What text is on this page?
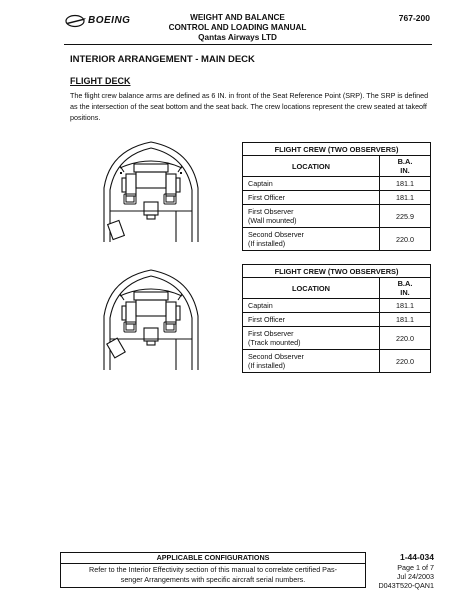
BOEING	WEIGHT AND BALANCE
CONTROL AND LOADING MANUAL
Qantas Airways LTD
767-200
INTERIOR ARRANGEMENT - MAIN DECK
FLIGHT DECK
The flight crew balance arms are defined as 6 IN. in front of the Seat Reference Point (SRP). The SRP is defined as the intersection of the seat bottom and the seat back. The crew locations represent the crew seated at takeoff positions.
FLIGHT CREW (TWO OBSERVERS)	
LOCATION	B.A.
IN.

Captain	181.1
First Officer	181.1

First Observer
(Wall mounted)	225.9

Second Observer
(If installed)	220.0
FLIGHT CREW (TWO OBSERVERS)	
LOCATION	B.A.
IN.

Captain	181.1
First Officer	181.1

First Observer
(Track mounted)	220.0

Second Observer
(If installed)	220.0
APPLICABLE CONFIGURATIONS
Refer to the Interior Effectivity section of this manual to correlate certified Pas-
senger Arrangements with specific aircraft serial numbers.
1-44-034
Page 1 of 7
Jul 24/2003
D043T520-QAN1
